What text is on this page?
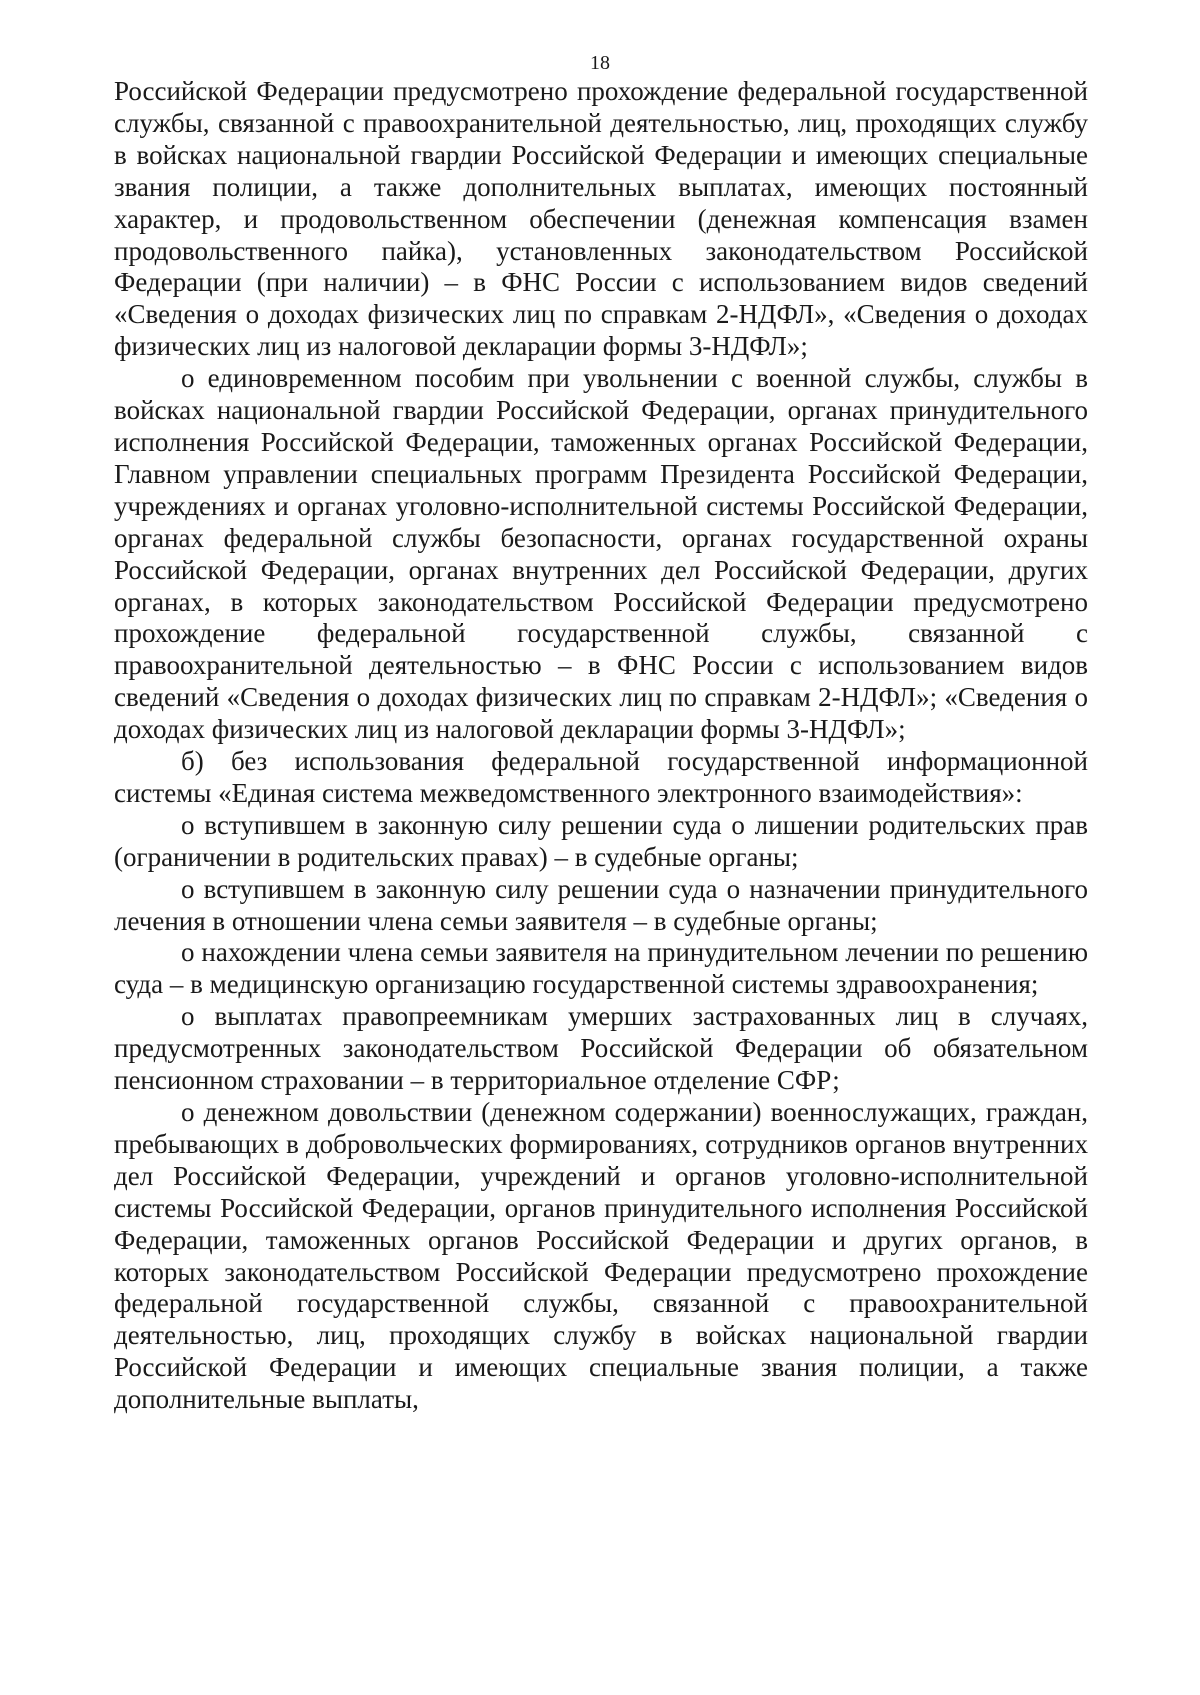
18

Российской Федерации предусмотрено прохождение федеральной государственной службы, связанной с правоохранительной деятельностью, лиц, проходящих службу в войсках национальной гвардии Российской Федерации и имеющих специальные звания полиции, а также дополнительных выплатах, имеющих постоянный характер, и продовольственном обеспечении (денежная компенсация взамен продовольственного пайка), установленных законодательством Российской Федерации (при наличии) – в ФНС России с использованием видов сведений «Сведения о доходах физических лиц по справкам 2-НДФЛ», «Сведения о доходах физических лиц из налоговой декларации формы 3-НДФЛ»;

о единовременном пособим при увольнении с военной службы, службы в войсках национальной гвардии Российской Федерации, органах принудительного исполнения Российской Федерации, таможенных органах Российской Федерации, Главном управлении специальных программ Президента Российской Федерации, учреждениях и органах уголовно-исполнительной системы Российской Федерации, органах федеральной службы безопасности, органах государственной охраны Российской Федерации, органах внутренних дел Российской Федерации, других органах, в которых законодательством Российской Федерации предусмотрено прохождение федеральной государственной службы, связанной с правоохранительной деятельностью – в ФНС России с использованием видов сведений «Сведения о доходах физических лиц по справкам 2-НДФЛ»; «Сведения о доходах физических лиц из налоговой декларации формы 3-НДФЛ»;

б) без использования федеральной государственной информационной системы «Единая система межведомственного электронного взаимодействия»:

о вступившем в законную силу решении суда о лишении родительских прав (ограничении в родительских правах) – в судебные органы;

о вступившем в законную силу решении суда о назначении принудительного лечения в отношении члена семьи заявителя – в судебные органы;

о нахождении члена семьи заявителя на принудительном лечении по решению суда – в медицинскую организацию государственной системы здравоохранения;

о выплатах правопреемникам умерших застрахованных лиц в случаях, предусмотренных законодательством Российской Федерации об обязательном пенсионном страховании – в территориальное отделение СФР;

о денежном довольствии (денежном содержании) военнослужащих, граждан, пребывающих в добровольческих формированиях, сотрудников органов внутренних дел Российской Федерации, учреждений и органов уголовно-исполнительной системы Российской Федерации, органов принудительного исполнения Российской Федерации, таможенных органов Российской Федерации и других органов, в которых законодательством Российской Федерации предусмотрено прохождение федеральной государственной службы, связанной с правоохранительной деятельностью, лиц, проходящих службу в войсках национальной гвардии Российской Федерации и имеющих специальные звания полиции, а также дополнительные выплаты,
